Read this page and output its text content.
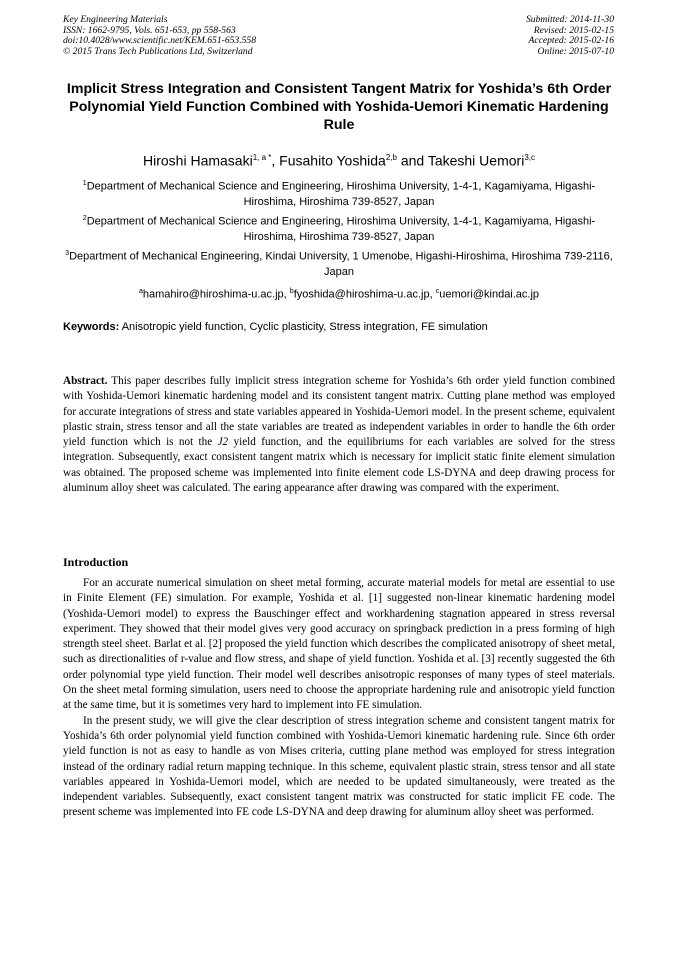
Key Engineering Materials
ISSN: 1662-9795, Vols. 651-653, pp 558-563
doi:10.4028/www.scientific.net/KEM.651-653.558
© 2015 Trans Tech Publications Ltd, Switzerland
Submitted: 2014-11-30
Revised: 2015-02-15
Accepted: 2015-02-16
Online: 2015-07-10
Implicit Stress Integration and Consistent Tangent Matrix for Yoshida’s 6th Order Polynomial Yield Function Combined with Yoshida-Uemori Kinematic Hardening Rule
Hiroshi Hamasaki$^{1, a *}$, Fusahito Yoshida$^{2,b}$ and Takeshi Uemori$^{3,c}$
$^1$Department of Mechanical Science and Engineering, Hiroshima University, 1-4-1, Kagamiyama, Higashi-Hiroshima, Hiroshima 739-8527, Japan
$^2$Department of Mechanical Science and Engineering, Hiroshima University, 1-4-1, Kagamiyama, Higashi-Hiroshima, Hiroshima 739-8527, Japan
$^3$Department of Mechanical Engineering, Kindai University, 1 Umenobe, Higashi-Hiroshima, Hiroshima 739-2116, Japan
$^a$hamahiro@hiroshima-u.ac.jp, $^b$fyoshida@hiroshima-u.ac.jp, $^c$uemori@kindai.ac.jp
Keywords: Anisotropic yield function, Cyclic plasticity, Stress integration, FE simulation

Abstract. This paper describes fully implicit stress integration scheme for Yoshida’s 6th order yield function combined with Yoshida-Uemori kinematic hardening model and its consistent tangent matrix. Cutting plane method was employed for accurate integrations of stress and state variables appeared in Yoshida-Uemori model. In the present scheme, equivalent plastic strain, stress tensor and all the state variables are treated as independent variables in order to handle the 6th order yield function which is not the J2 yield function, and the equilibriums for each variables are solved for the stress integration. Subsequently, exact consistent tangent matrix which is necessary for implicit static finite element simulation was obtained. The proposed scheme was implemented into finite element code LS-DYNA and deep drawing process for aluminum alloy sheet was calculated. The earing appearance after drawing was compared with the experiment.

Introduction

For an accurate numerical simulation on sheet metal forming, accurate material models for metal are essential to use in Finite Element (FE) simulation. For example, Yoshida et al. [1] suggested non-linear kinematic hardening model (Yoshida-Uemori model) to express the Bauschinger effect and workhardening stagnation appeared in stress reversal experiment. They showed that their model gives very good accuracy on springback prediction in a press forming of high strength steel sheet. Barlat et al. [2] proposed the yield function which describes the complicated anisotropy of sheet metal, such as directionalities of r-value and flow stress, and shape of yield function. Yoshida et al. [3] recently suggested the 6th order polynomial type yield function. Their model well describes anisotropic responses of many types of steel materials. On the sheet metal forming simulation, users need to choose the appropriate hardening rule and anisotropic yield function at the same time, but it is sometimes very hard to implement into FE simulation.

In the present study, we will give the clear description of stress integration scheme and consistent tangent matrix for Yoshida’s 6th order polynomial yield function combined with Yoshida-Uemori kinematic hardening rule. Since 6th order yield function is not as easy to handle as von Mises criteria, cutting plane method was employed for stress integration instead of the ordinary radial return mapping technique. In this scheme, equivalent plastic strain, stress tensor and all state variables appeared in Yoshida-Uemori model, which are needed to be updated simultaneously, were treated as the independent variables. Subsequently, exact consistent tangent matrix was constructed for static implicit FE code. The present scheme was implemented into FE code LS-DYNA and deep drawing for aluminum alloy sheet was performed.
